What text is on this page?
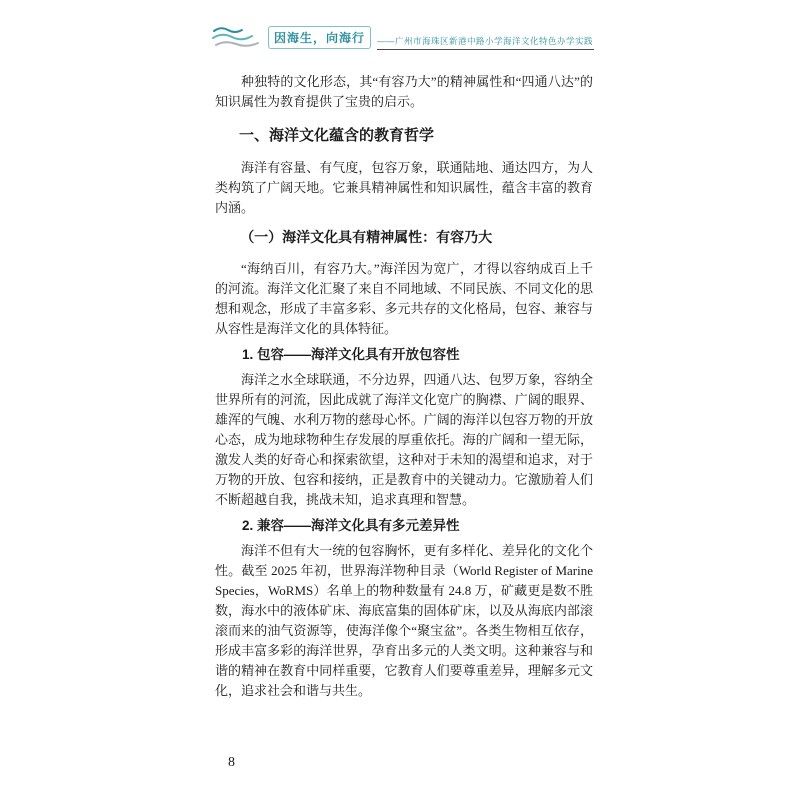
因海生，向海行	——广州市海珠区新港中路小学海洋文化特色办学实践

种独特的文化形态，其“有容乃大”的精神属性和“四通八达”的知识属性为教育提供了宝贵的启示。

一、海洋文化蕴含的教育哲学

海洋有容量、有气度，包容万象，联通陆地、通达四方，为人类构筑了广阔天地。它兼具精神属性和知识属性，蕴含丰富的教育内涵。

（一）海洋文化具有精神属性：有容乃大

“海纳百川，有容乃大。”海洋因为宽广，才得以容纳成百上千的河流。海洋文化汇聚了来自不同地域、不同民族、不同文化的思想和观念，形成了丰富多彩、多元共存的文化格局，包容、兼容与从容性是海洋文化的具体特征。

1. 包容——海洋文化具有开放包容性

海洋之水全球联通，不分边界，四通八达、包罗万象，容纳全世界所有的河流，因此成就了海洋文化宽广的胸襟、广阔的眼界、雄浑的气魄、水利万物的慈母心怀。广阔的海洋以包容万物的开放心态，成为地球物种生存发展的厚重依托。海的广阔和一望无际，激发人类的好奇心和探索欲望，这种对于未知的渴望和追求，对于万物的开放、包容和接纳，正是教育中的关键动力。它激励着人们不断超越自我，挑战未知，追求真理和智慧。

2. 兼容——海洋文化具有多元差异性

海洋不但有大一统的包容胸怀，更有多样化、差异化的文化个性。截至 2025 年初，世界海洋物种目录（World Register of Marine Species，WoRMS）名单上的物种数量有 24.8 万，矿藏更是数不胜数，海水中的液体矿床、海底富集的固体矿床，以及从海底内部滚滚而来的油气资源等，使海洋像个“聚宝盆”。各类生物相互依存，形成丰富多彩的海洋世界，孕育出多元的人类文明。这种兼容与和谐的精神在教育中同样重要，它教育人们要尊重差异，理解多元文化，追求社会和谐与共生。

8
